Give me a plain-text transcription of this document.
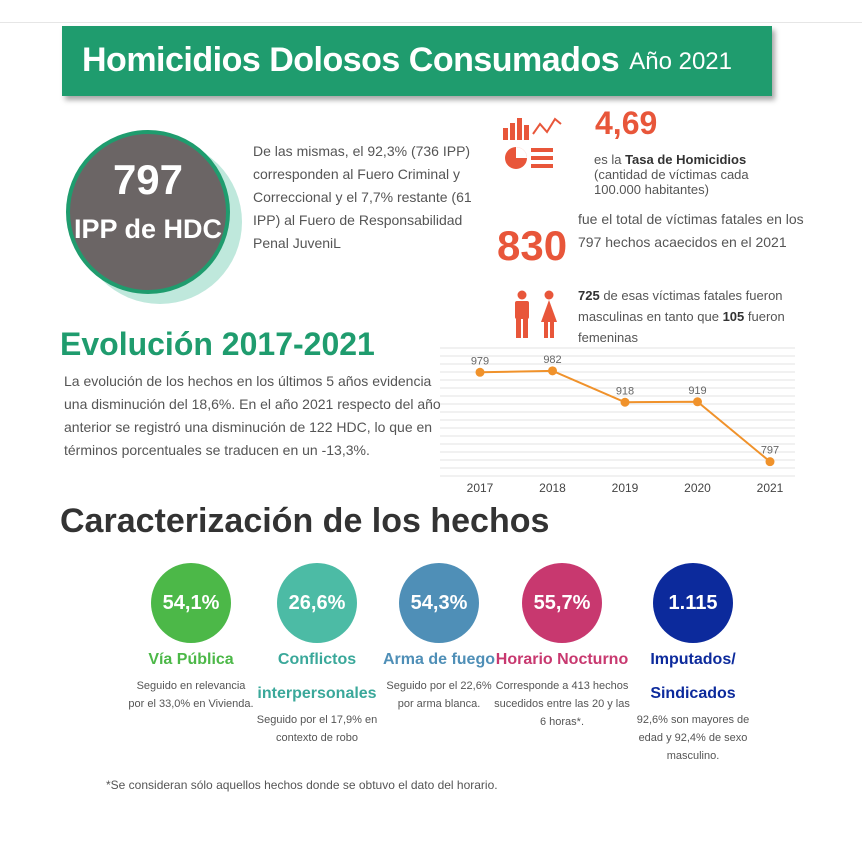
Homicidios Dolosos Consumados Año 2021
797
IPP de HDC
De las mismas, el 92,3% (736 IPP) corresponden al Fuero Criminal y Correccional y el 7,7% restante (61 IPP) al Fuero de Responsabilidad Penal JuveniL
4,69
es la Tasa de Homicidios
(cantidad de víctimas cada 100.000 habitantes)
830
fue el total de víctimas fatales en los 797 hechos acaecidos en el 2021
725 de esas víctimas fatales fueron masculinas en tanto que 105 fueron femeninas
Evolución 2017-2021
La evolución de los hechos en los últimos 5 años evidencia una disminución del 18,6%. En el año 2021 respecto del año anterior se registró una disminución de 122 HDC, lo que en términos porcentuales se traducen en un -13,3%.
979	982
918	919
797
2017	2018	2019	2020	2021
Caracterización de los hechos
54,1%
Vía Pública
Seguido en relevancia por el 33,0% en Vivienda.
26,6%
Conflictos interpersonales
Seguido por el 17,9% en contexto de robo
54,3%
Arma de fuego
Seguido por el 22,6% por arma blanca.
55,7%
Horario Nocturno
Corresponde a 413 hechos sucedidos entre las 20 y las 6 horas*.
1.115
Imputados/ Sindicados
92,6% son mayores de edad y 92,4% de sexo masculino.
*Se consideran sólo aquellos hechos donde se obtuvo el dato del horario.
